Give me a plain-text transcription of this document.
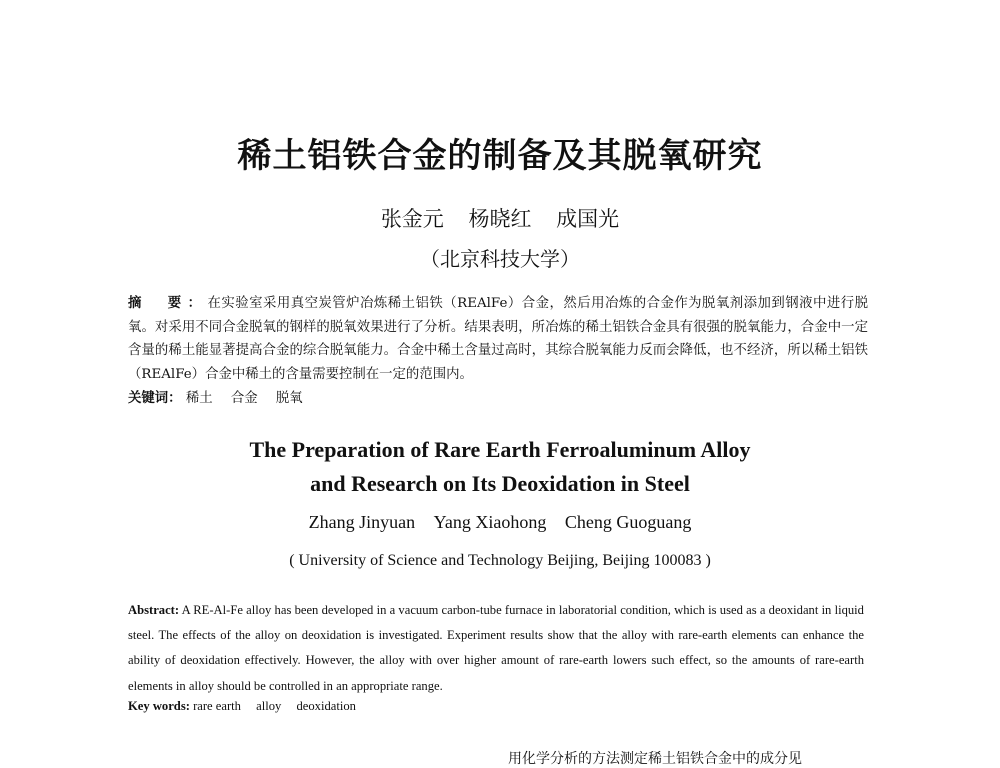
稀土铝铁合金的制备及其脱氧研究
张金元 杨晓红 成国光
（北京科技大学）
摘　要：在实验室采用真空炭管炉冶炼稀土铝铁（REAlFe）合金，然后用冶炼的合金作为脱氧剂添加到钢液中进行脱氧。对采用不同合金脱氧的钢样的脱氧效果进行了分析。结果表明，所冶炼的稀土铝铁合金具有很强的脱氧能力，合金中一定含量的稀土能显著提高合金的综合脱氧能力。合金中稀土含量过高时，其综合脱氧能力反而会降低，也不经济，所以稀土铝铁（REAlFe）合金中稀土的含量需要控制在一定的范围内。
关键词： 稀土 合金 脱氧
The Preparation of Rare Earth Ferroaluminum Alloy
and Research on Its Deoxidation in Steel
Zhang Jinyuan Yang Xiaohong Cheng Guoguang
( University of Science and Technology Beijing, Beijing 100083 )
Abstract: A RE-Al-Fe alloy has been developed in a vacuum carbon-tube furnace in laboratorial condition, which is used as a deoxidant in liquid steel. The effects of the alloy on deoxidation is investigated. Experiment results show that the alloy with rare-earth elements can enhance the ability of deoxidation effectively. However, the alloy with over higher amount of rare-earth lowers such effect, so the amounts of rare-earth elements in alloy should be controlled in an appropriate range.
Key words: rare earth alloy deoxidation
用化学分析的方法测定稀土铝铁合金中的成分见
